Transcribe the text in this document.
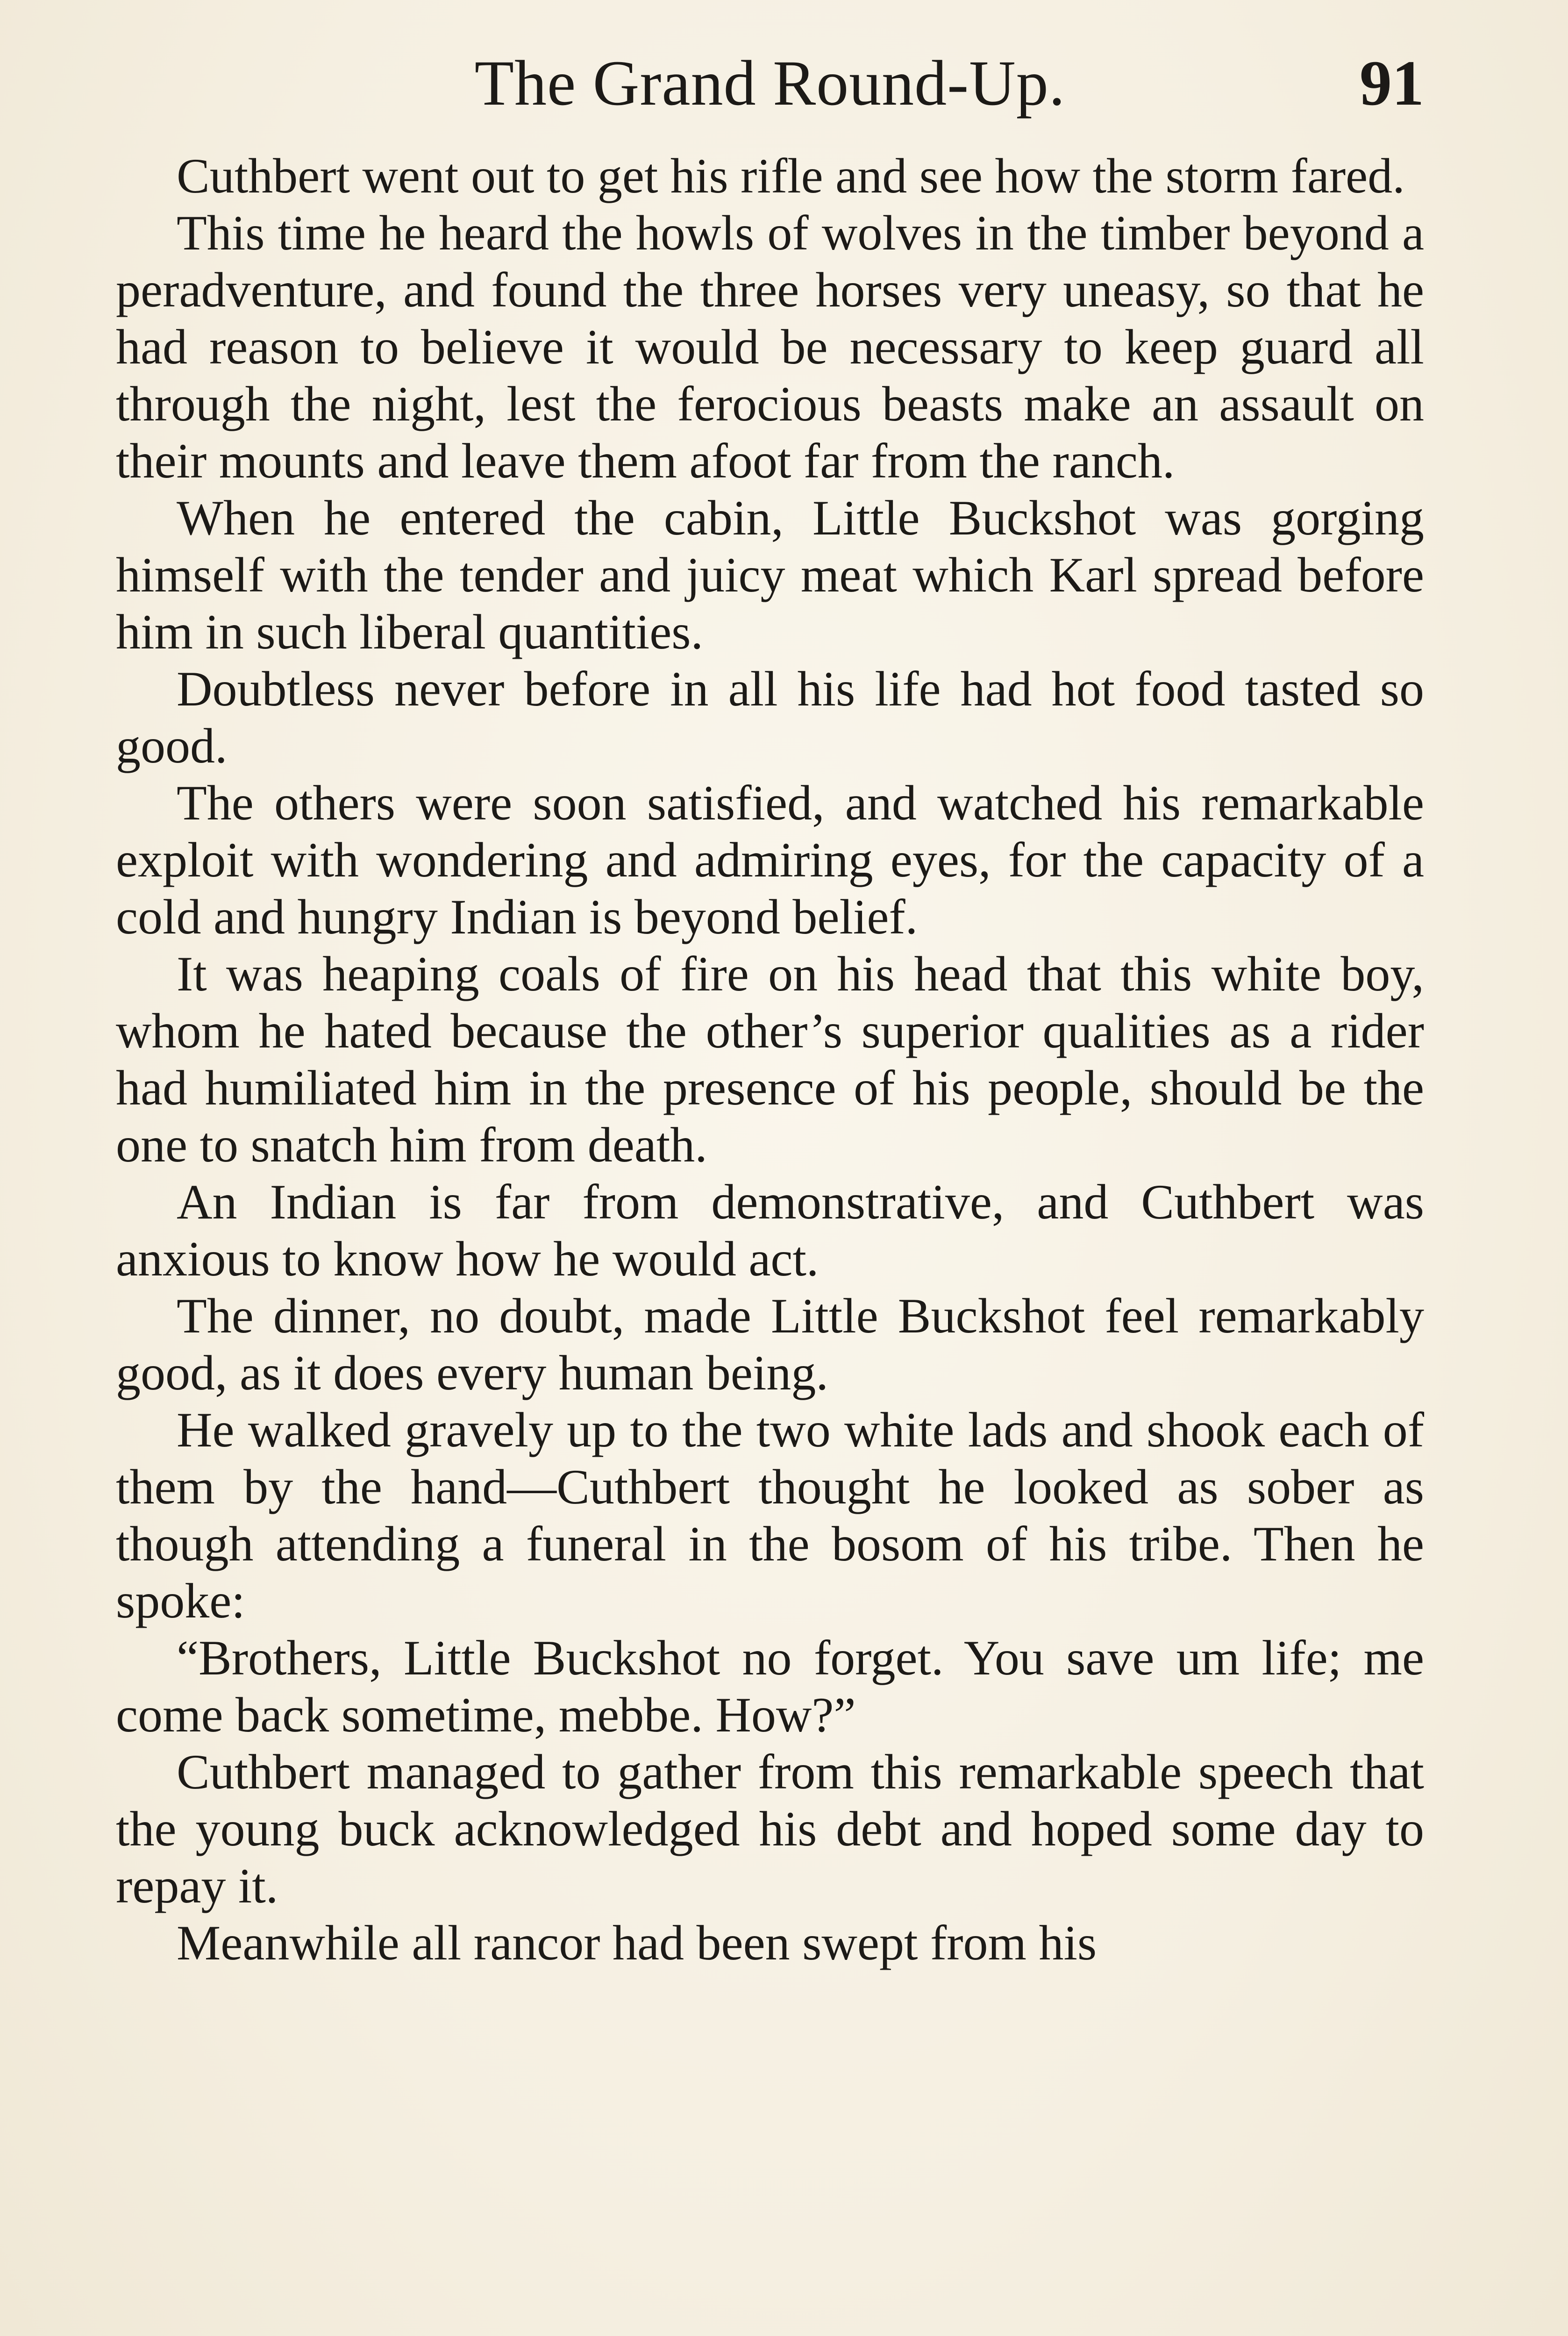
The Grand Round-Up.	91

Cuthbert went out to get his rifle and see how the storm fared.

This time he heard the howls of wolves in the timber beyond a peradventure, and found the three horses very uneasy, so that he had reason to believe it would be necessary to keep guard all through the night, lest the ferocious beasts make an assault on their mounts and leave them afoot far from the ranch.

When he entered the cabin, Little Buckshot was gorging himself with the tender and juicy meat which Karl spread before him in such liberal quantities.

Doubtless never before in all his life had hot food tasted so good.

The others were soon satisfied, and watched his remarkable exploit with wondering and admiring eyes, for the capacity of a cold and hungry Indian is beyond belief.

It was heaping coals of fire on his head that this white boy, whom he hated because the other’s superior qualities as a rider had humiliated him in the presence of his people, should be the one to snatch him from death.

An Indian is far from demonstrative, and Cuthbert was anxious to know how he would act.

The dinner, no doubt, made Little Buckshot feel remarkably good, as it does every human being.

He walked gravely up to the two white lads and shook each of them by the hand—Cuthbert thought he looked as sober as though attending a funeral in the bosom of his tribe. Then he spoke:

“Brothers, Little Buckshot no forget. You save um life; me come back sometime, mebbe. How?”

Cuthbert managed to gather from this remarkable speech that the young buck acknowledged his debt and hoped some day to repay it.

Meanwhile all rancor had been swept from his
